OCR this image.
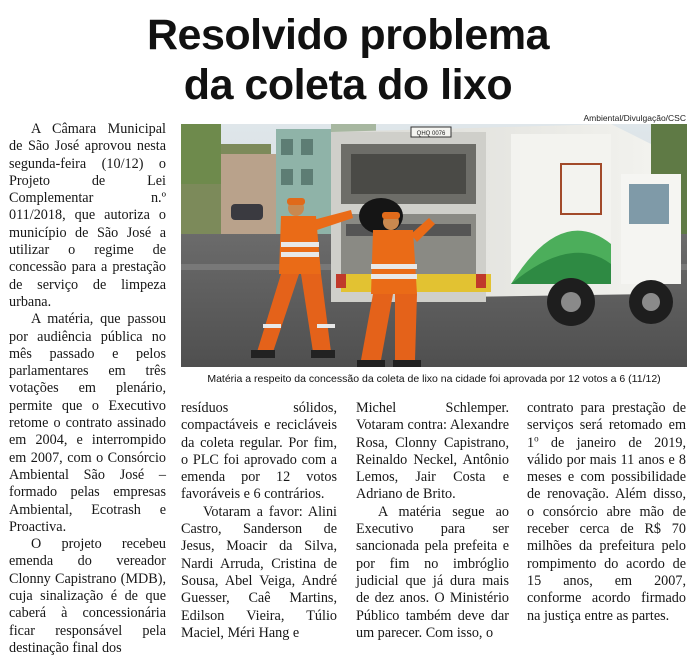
Resolvido problema
da coleta do lixo
Ambiental/Divulgação/CSC
QHQ 0076
Matéria a respeito da concessão da coleta de lixo na cidade foi aprovada por 12 votos a 6 (11/12)

A Câmara Municipal de São José aprovou nesta segunda-feira (10/12) o Projeto de Lei Complementar n.º 011/2018, que autoriza o município de São José a utilizar o regime de concessão para a prestação de serviço de limpeza urbana.

A matéria, que passou por audiência pública no mês passado e pelos parlamentares em três votações em plenário, permite que o Executivo retome o contrato assinado em 2004, e interrompido em 2007, com o Consórcio Ambiental São José – formado pelas empresas Ambiental, Ecotrash e Proactiva.

O projeto recebeu emenda do vereador Clonny Capistrano (MDB), cuja sinalização é de que caberá à concessionária ficar responsável pela destinação final dos

resíduos sólidos, compactáveis e recicláveis da coleta regular. Por fim, o PLC foi aprovado com a emenda por 12 votos favoráveis e 6 contrários.

Votaram a favor: Alini Castro, Sanderson de Jesus, Moacir da Silva, Nardi Arruda, Cristina de Sousa, Abel Veiga, André Guesser, Caê Martins, Edilson Vieira, Túlio Maciel, Méri Hang e

Michel Schlemper. Votaram contra: Alexandre Rosa, Clonny Capistrano, Reinaldo Neckel, Antônio Lemos, Jair Costa e Adriano de Brito.

A matéria segue ao Executivo para ser sancionada pela prefeita e por fim no imbróglio judicial que já dura mais de dez anos. O Ministério Público também deve dar um parecer. Com isso, o

contrato para prestação de serviços será retomado em 1$^o$ de janeiro de 2019, válido por mais 11 anos e 8 meses e com possibilidade de renovação. Além disso, o consórcio abre mão de receber cerca de R$ 70 milhões da prefeitura pelo rompimento do acordo de 15 anos, em 2007, conforme acordo firmado na justiça entre as partes.
